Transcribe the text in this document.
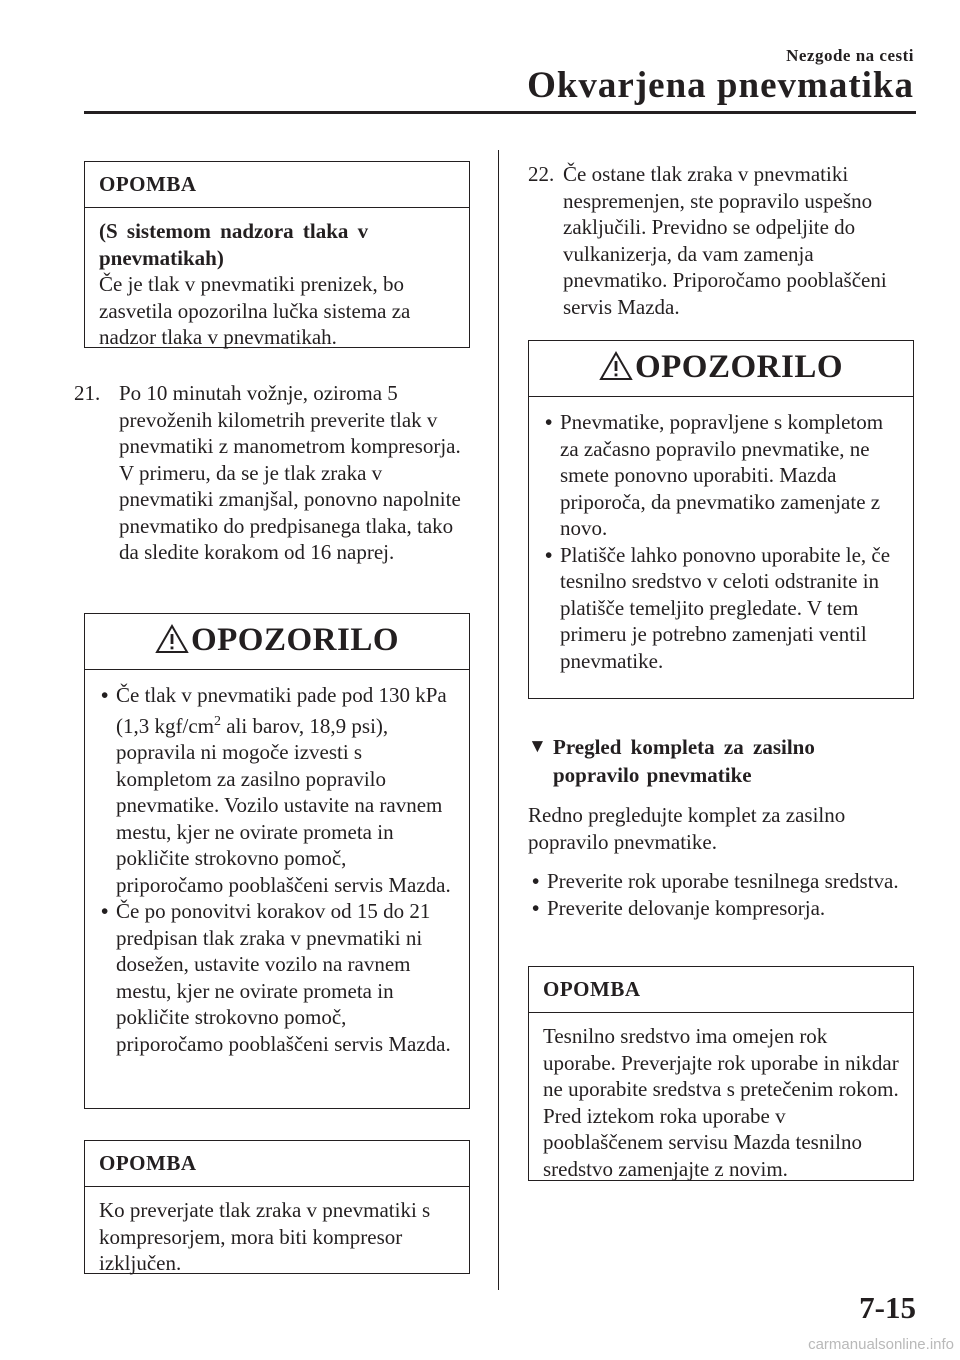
Nezgode na cesti
Okvarjena pnevmatika
OPOMBA
(S sistemom nadzora tlaka v
pnevmatikah)
Če je tlak v pnevmatiki prenizek, bo zasvetila opozorilna lučka sistema za nadzor tlaka v pnevmatikah.
21. Po 10 minutah vožnje, oziroma 5 prevoženih kilometrih preverite tlak v pnevmatiki z manometrom kompresorja. V primeru, da se je tlak zraka v pnevmatiki zmanjšal, ponovno napolnite pnevmatiko do predpisanega tlaka, tako da sledite korakom od 16 naprej.
OPOZORILO
• Če tlak v pnevmatiki pade pod 130 kPa (1,3 kgf/$cm^2$ ali barov, 18,9 psi), popravila ni mogoče izvesti s kompletom za zasilno popravilo pnevmatike. Vozilo ustavite na ravnem mestu, kjer ne ovirate prometa in pokličite strokovno pomoč, priporočamo pooblaščeni servis Mazda.
• Če po ponovitvi korakov od 15 do 21 predpisan tlak zraka v pnevmatiki ni dosežen, ustavite vozilo na ravnem mestu, kjer ne ovirate prometa in pokličite strokovno pomoč, priporočamo pooblaščeni servis Mazda.
OPOMBA
Ko preverjate tlak zraka v pnevmatiki s kompresorjem, mora biti kompresor izključen.
22. Če ostane tlak zraka v pnevmatiki nespremenjen, ste popravilo uspešno zaključili. Previdno se odpeljite do vulkanizerja, da vam zamenja pnevmatiko. Priporočamo pooblaščeni servis Mazda.
OPOZORILO
• Pnevmatike, popravljene s kompletom za začasno popravilo pnevmatike, ne smete ponovno uporabiti. Mazda priporoča, da pnevmatiko zamenjate z novo.
• Platišče lahko ponovno uporabite le, če tesnilno sredstvo v celoti odstranite in platišče temeljito pregledate. V tem primeru je potrebno zamenjati ventil pnevmatike.
▼ Pregled kompleta za zasilno
popravilo pnevmatike
Redno pregledujte komplet za zasilno popravilo pnevmatike.
• Preverite rok uporabe tesnilnega sredstva.
• Preverite delovanje kompresorja.
OPOMBA
Tesnilno sredstvo ima omejen rok uporabe. Preverjajte rok uporabe in nikdar ne uporabite sredstva s pretečenim rokom. Pred iztekom roka uporabe v pooblaščenem servisu Mazda tesnilno sredstvo zamenjajte z novim.
7-15
carmanualsonline.info
